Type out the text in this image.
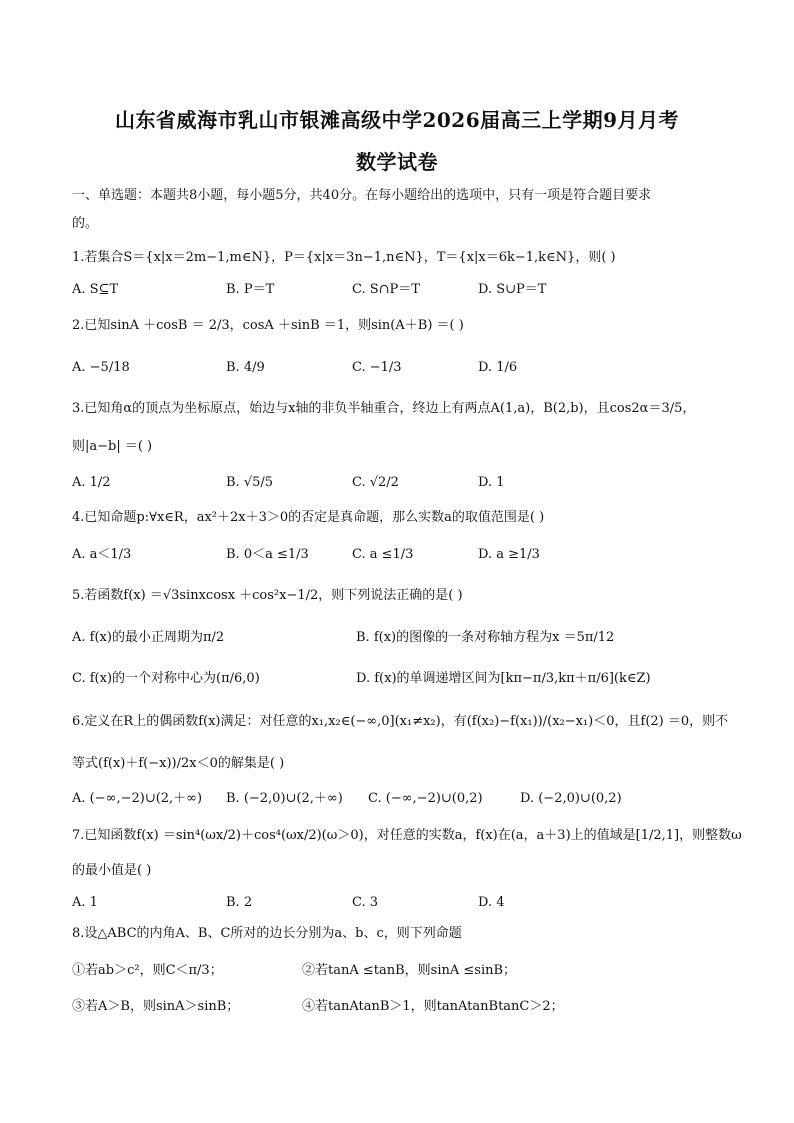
山东省威海市乳山市银滩高级中学2026届高三上学期9月月考
数学试卷
一、单选题：本题共8小题，每小题5分，共40分。在每小题给出的选项中，只有一项是符合题目要求
的。
1.若集合S＝{x|x＝2m−1,m∈N}，P＝{x|x＝3n−1,n∈N}，T＝{x|x＝6k−1,k∈N}，则( )
A. S⊆T	B. P＝T	C. S∩P＝T	D. S∪P＝T
2.已知sinA ＋cosB ＝ 2/3，cosA ＋sinB ＝1，则sin(A＋B) ＝( )
A. −5/18	B. 4/9	C. −1/3	D. 1/6
3.已知角α的顶点为坐标原点，始边与x轴的非负半轴重合，终边上有两点A(1,a)，B(2,b)，且cos2α＝3/5，
则|a−b| ＝( )
A. 1/2	B. √5/5	C. √2/2	D. 1
4.已知命题p:∀x∈R，ax²＋2x＋3＞0的否定是真命题，那么实数a的取值范围是( )
A. a＜1/3	B. 0＜a ≤1/3	C. a ≤1/3	D. a ≥1/3
5.若函数f(x) ＝√3sinxcosx ＋cos²x−1/2，则下列说法正确的是( )
A. f(x)的最小正周期为π/2	B. f(x)的图像的一条对称轴方程为x ＝5π/12
C. f(x)的一个对称中心为(π/6,0)	D. f(x)的单调递增区间为[kπ−π/3,kπ＋π/6](k∈Z)
6.定义在R上的偶函数f(x)满足：对任意的x₁,x₂∈(−∞,0](x₁≠x₂)，有(f(x₂)−f(x₁))/(x₂−x₁)＜0，且f(2) ＝0，则不
等式(f(x)＋f(−x))/2x＜0的解集是( )
A. (−∞,−2)∪(2,＋∞) B. (−2,0)∪(2,＋∞) C. (−∞,−2)∪(0,2)	D. (−2,0)∪(0,2)
7.已知函数f(x) ＝sin⁴(ωx/2)＋cos⁴(ωx/2)(ω＞0)，对任意的实数a，f(x)在(a，a＋3)上的值域是[1/2,1]，则整数ω
的最小值是( )
A. 1	B. 2	C. 3	D. 4
8.设△ABC的内角A、B、C所对的边长分别为a、b、c，则下列命题
①若ab＞c²，则C＜π/3；	②若tanA ≤tanB，则sinA ≤sinB；
③若A＞B，则sinA＞sinB；	④若tanAtanB＞1，则tanAtanBtanC＞2；
